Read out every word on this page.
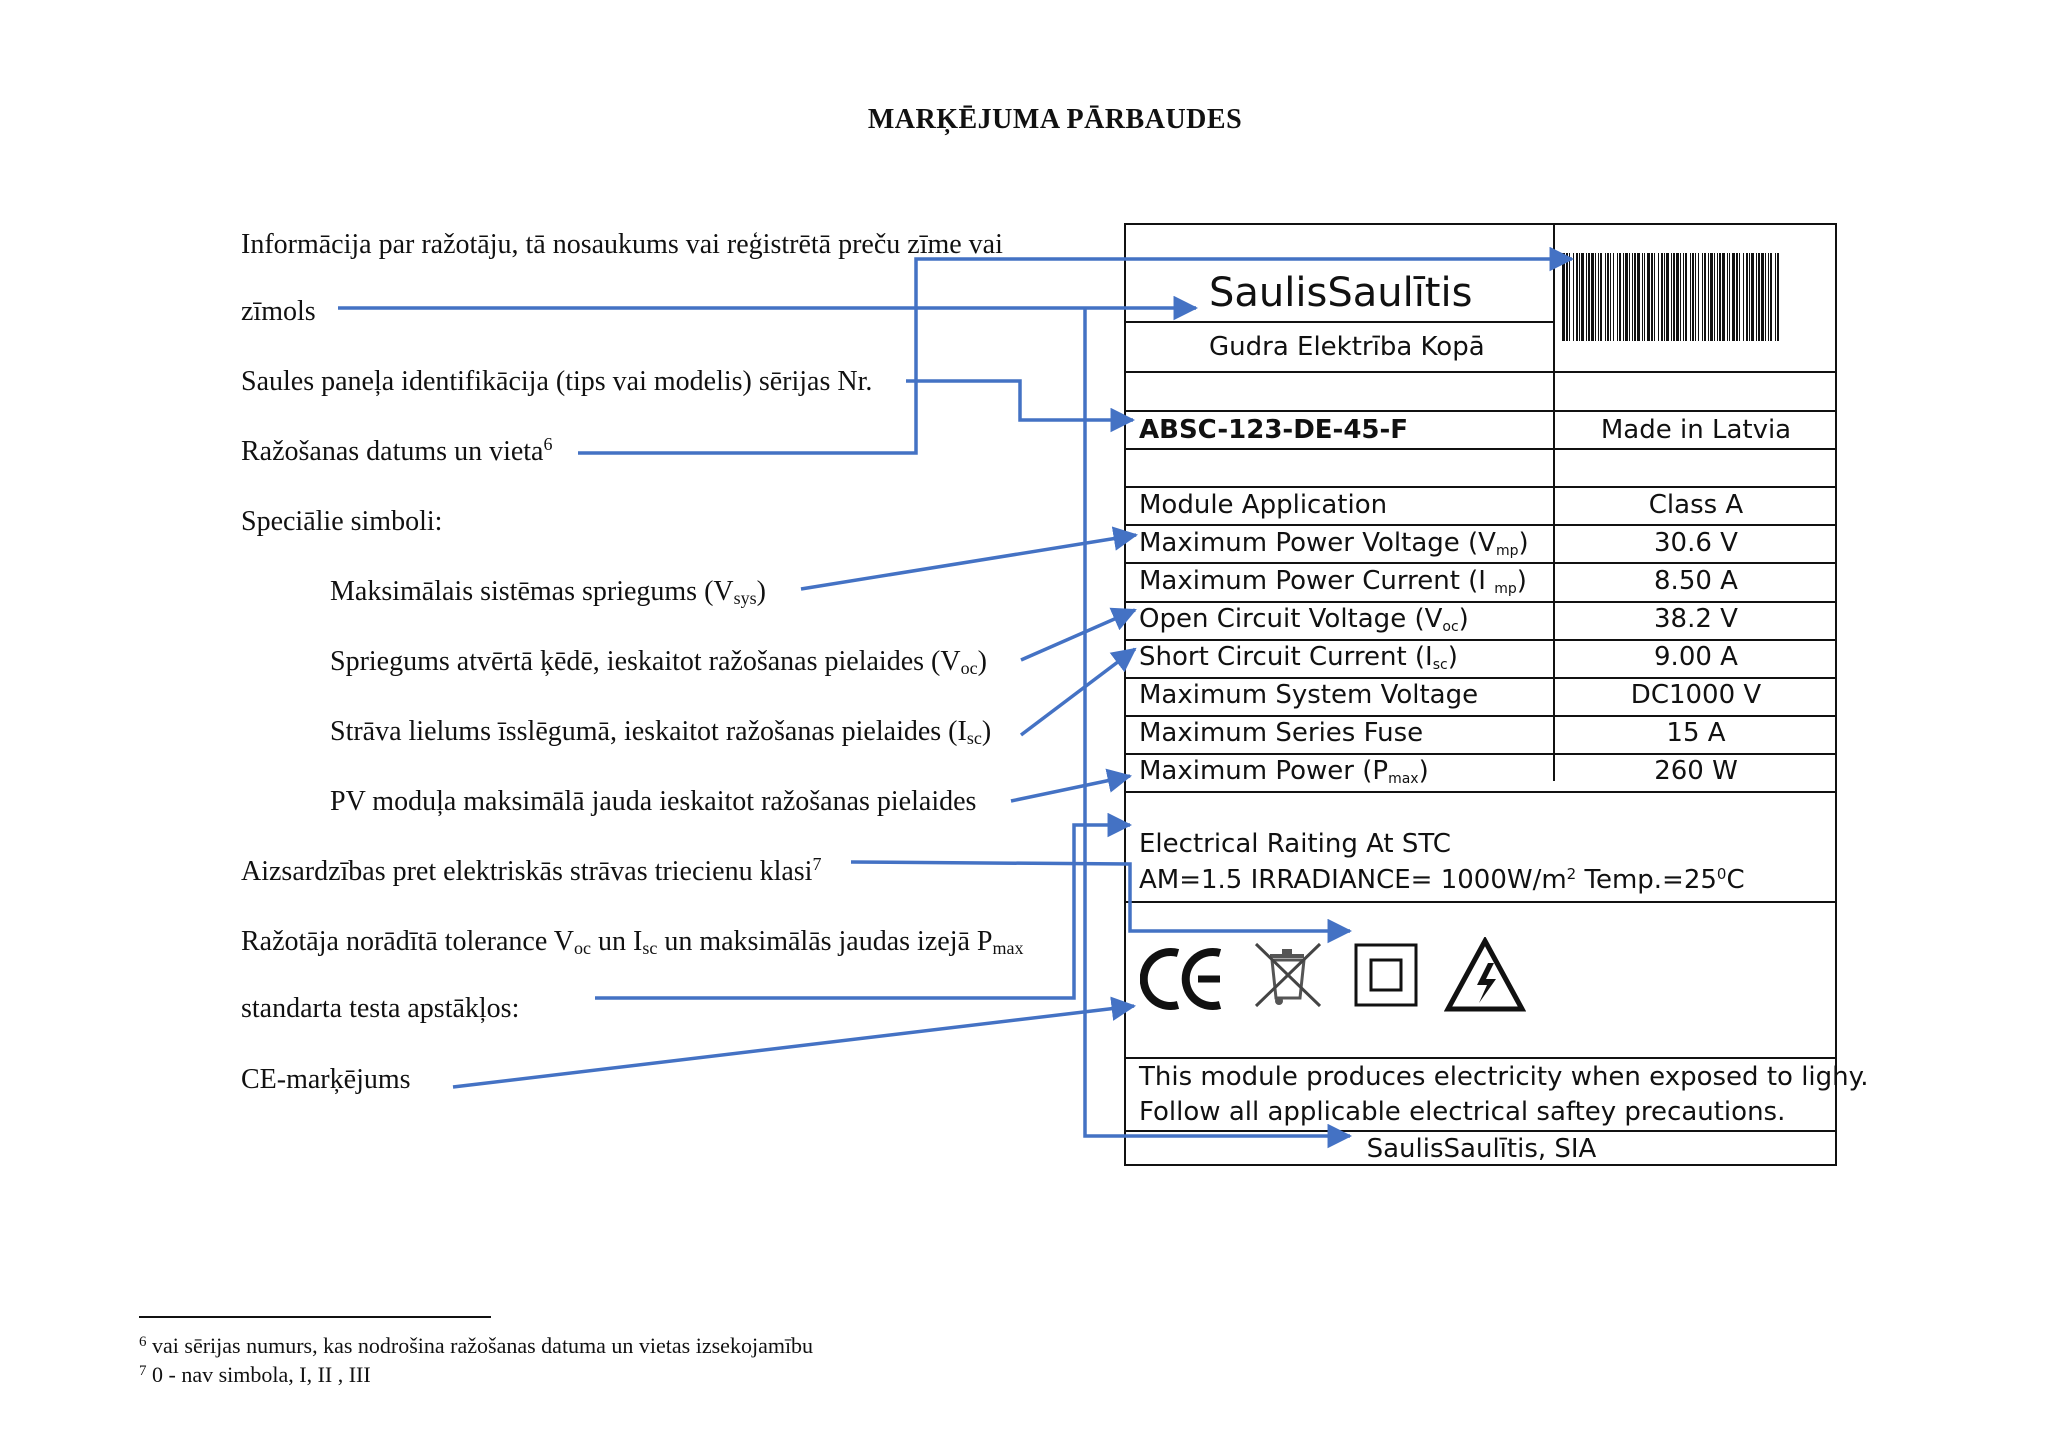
MARĶĒJUMA PĀRBAUDES
Informācija par ražotāju, tā nosaukums vai reģistrētā preču zīme vai
zīmols
Saules paneļa identifikācija (tips vai modelis) sērijas Nr.
Ražošanas datums un vieta$^6$
Speciālie simboli:
Maksimālais sistēmas spriegums $(V_{sys})$
Spriegums atvērtā ķēdē, ieskaitot ražošanas pielaides $(V_{oc})$
Strāva lielums īsslēgumā, ieskaitot ražošanas pielaides $(I_{sc})$
PV moduļa maksimālā jauda ieskaitot ražošanas pielaides
Aizsardzības pret elektriskās strāvas triecienu klasi$^7$
Ražotāja norādītā tolerance $V_{oc}$ un $I_{sc}$ un maksimālās jaudas izejā $P_{max}$
standarta testa apstākļos:
CE-marķējums
SaulisSaulītis
Gudra Elektrība Kopā
ABSC-123-DE-45-F	Made in Latvia
Module Application	Class A
Maximum Power Voltage $(V_{mp})$	30.6 V
Maximum Power Current (I $_{mp}$)	8.50 A
Open Circuit Voltage $(V_{oc})$	38.2 V
Short Circuit Current $(I_{sc})$	9.00 A
Maximum System Voltage	DC1000 V
Maximum Series Fuse	15 A
Maximum Power $(P_{max})$	260 W
Electrical Raiting At STC
AM=1.5 IRRADIANCE= $1000W/m^2$ $Temp.=25^0C$
This module produces electricity when exposed to lighy.
Follow all applicable electrical saftey precautions.
SaulisSaulītis, SIA
$^6$ vai sērijas numurs, kas nodrošina ražošanas datuma un vietas izsekojamību
$^7$ 0 - nav simbola, I, II , III
